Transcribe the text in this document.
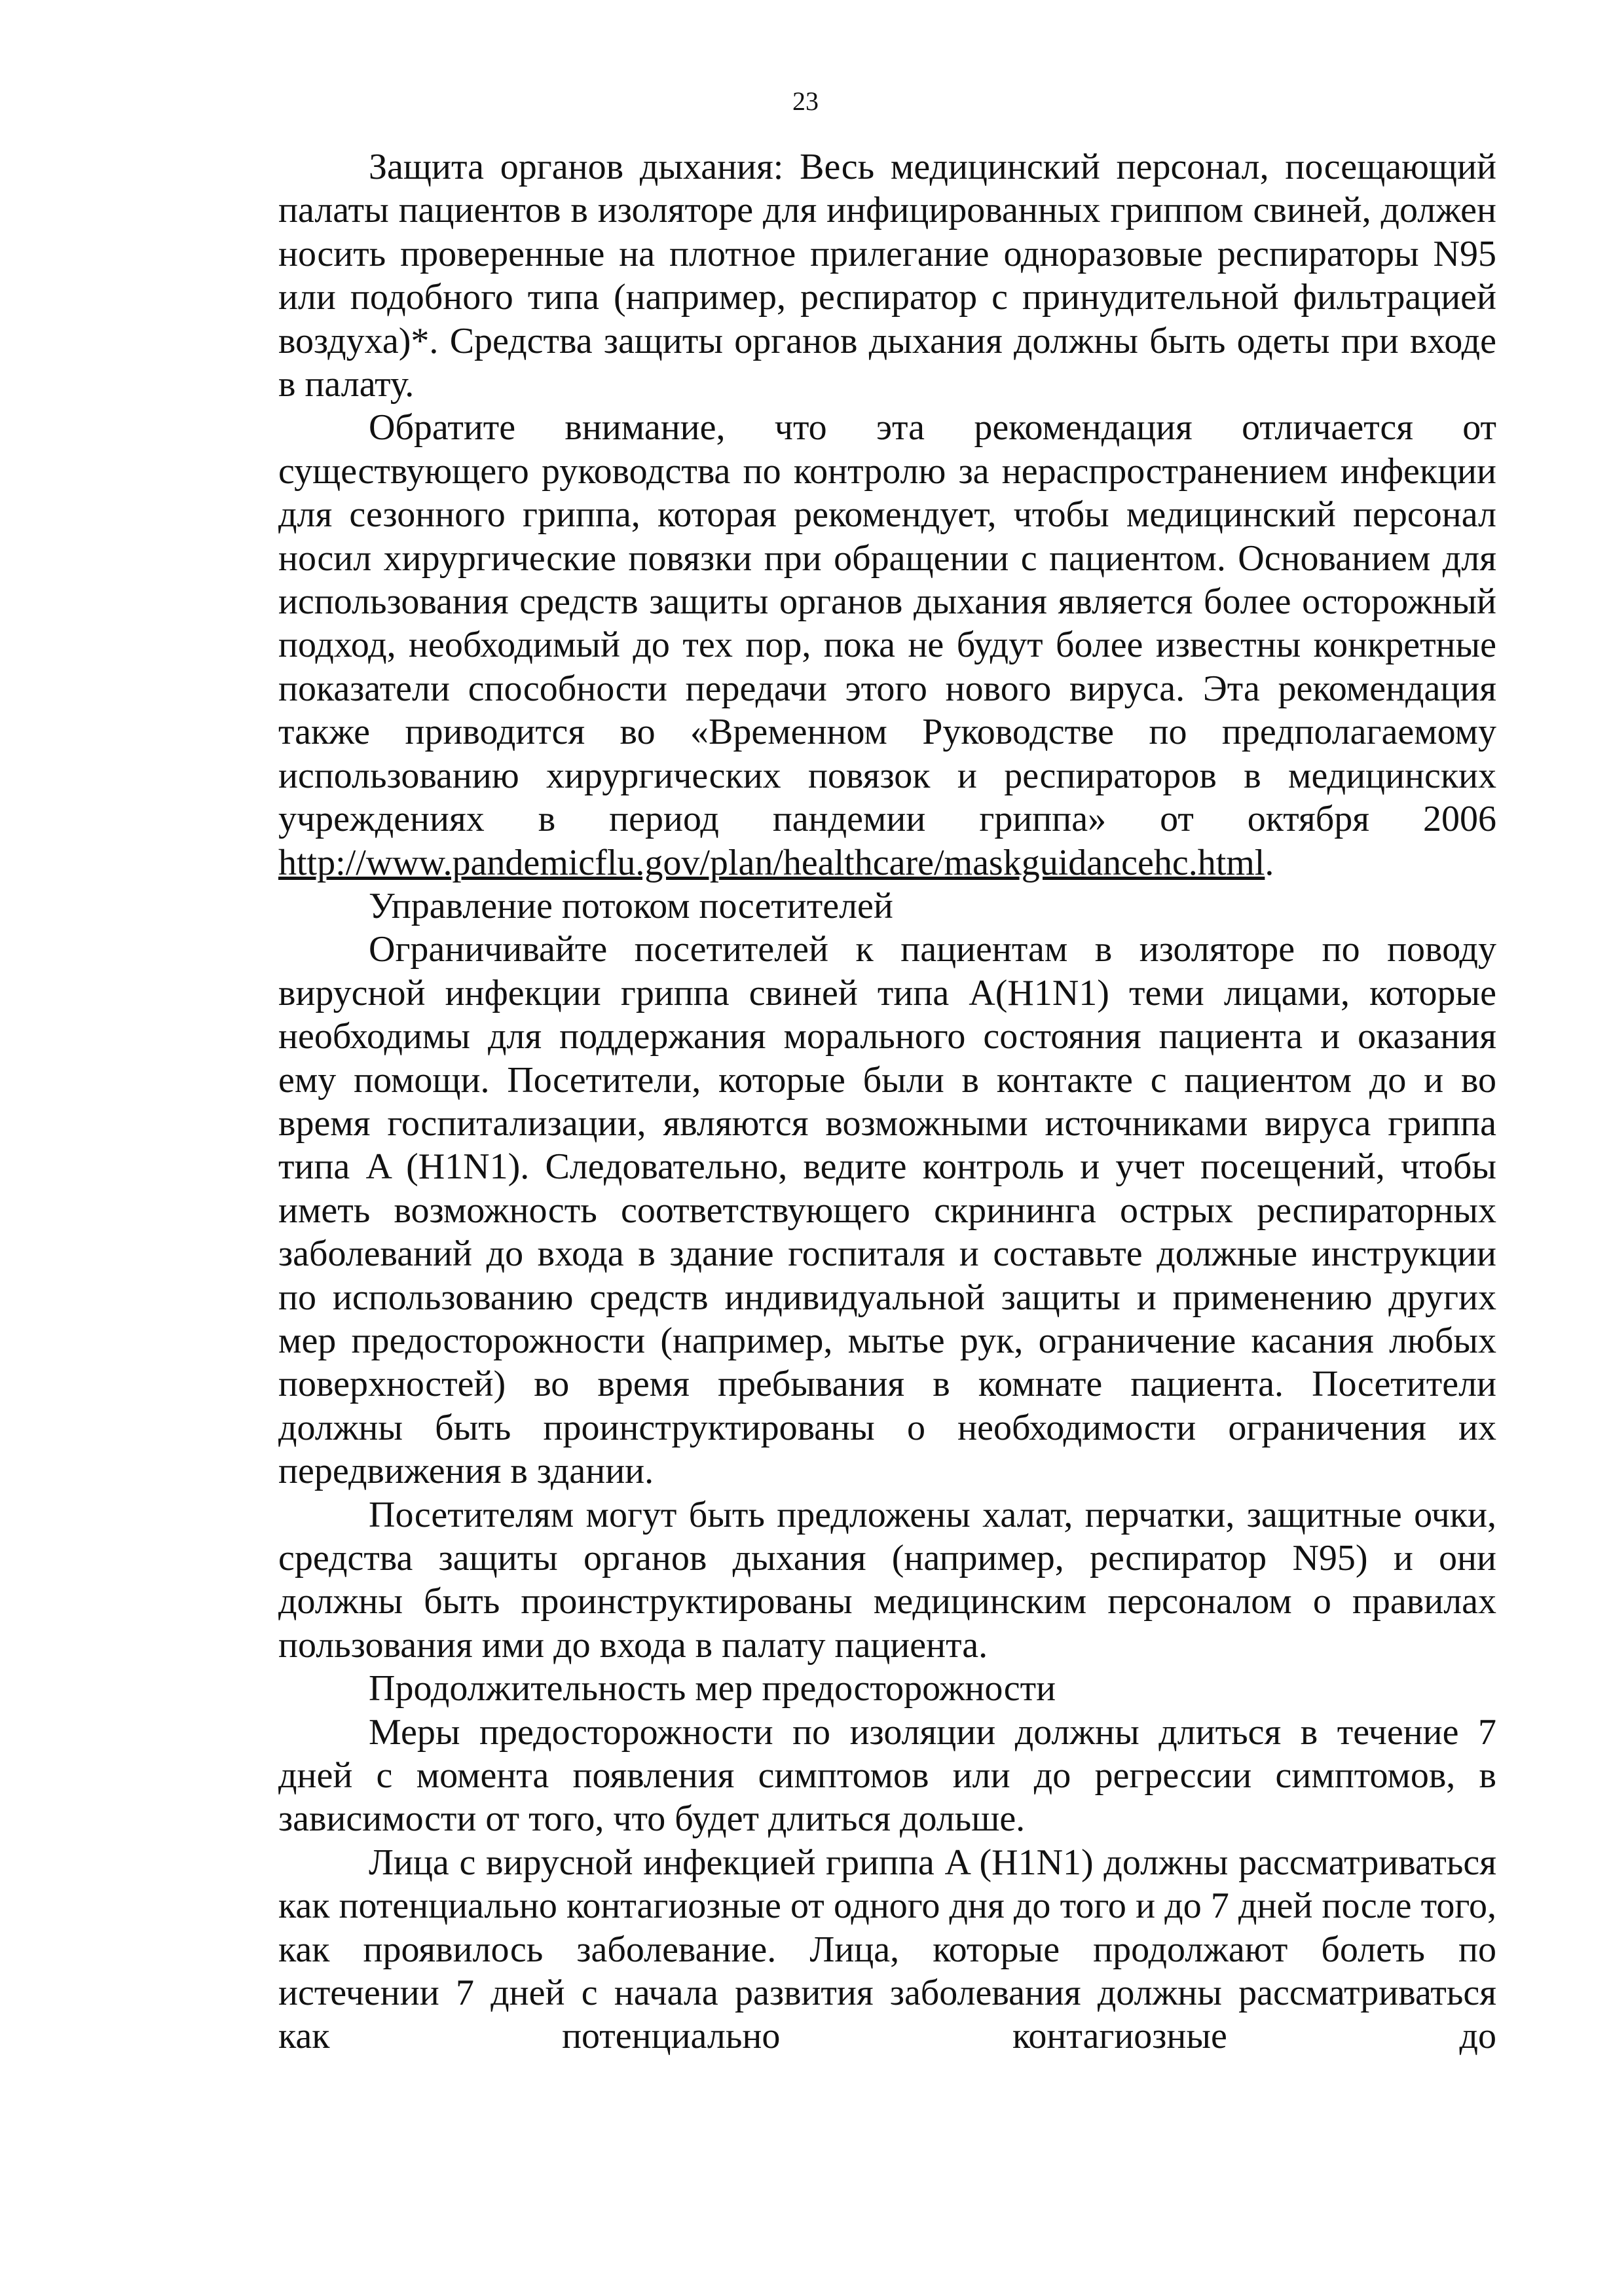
23

Защита органов дыхания: Весь медицинский персонал, посещающий палаты пациентов в изоляторе для инфицированных гриппом свиней, должен носить проверенные на плотное прилегание одноразовые респираторы N95 или подобного типа (например, респиратор с принудительной фильтрацией воздуха)*. Средства защиты органов дыхания должны быть одеты при входе в палату.

Обратите внимание, что эта рекомендация отличается от существующего руководства по контролю за нераспространением инфекции для сезонного гриппа, которая рекомендует, чтобы медицинский персонал носил хирургические повязки при обращении с пациентом. Основанием для использования средств защиты органов дыхания является более осторожный подход, необходимый до тех пор, пока не будут более известны конкретные показатели способности передачи этого нового вируса. Эта рекомендация также приводится во «Временном Руководстве по предполагаемому использованию хирургических повязок и респираторов в медицинских учреждениях в период пандемии гриппа» от октября 2006 http://www.pandemicflu.gov/plan/healthcare/maskguidancehc.html.

Управление потоком посетителей

Ограничивайте посетителей к пациентам в изоляторе по поводу вирусной инфекции гриппа свиней типа A(H1N1) теми лицами, которые необходимы для поддержания морального состояния пациента и оказания ему помощи. Посетители, которые были в контакте с пациентом до и во время госпитализации, являются возможными источниками вируса гриппа типа A (H1N1). Следовательно, ведите контроль и учет посещений, чтобы иметь возможность соответствующего скрининга острых респираторных заболеваний до входа в здание госпиталя и составьте должные инструкции по использованию средств индивидуальной защиты и применению других мер предосторожности (например, мытье рук, ограничение касания любых поверхностей) во время пребывания в комнате пациента. Посетители должны быть проинструктированы о необходимости ограничения их передвижения в здании.

Посетителям могут быть предложены халат, перчатки, защитные очки, средства защиты органов дыхания (например, респиратор N95) и они должны быть проинструктированы медицинским персоналом о правилах пользования ими до входа в палату пациента.

Продолжительность мер предосторожности

Меры предосторожности по изоляции должны длиться в течение 7 дней с момента появления симптомов или до регрессии симптомов, в зависимости от того, что будет длиться дольше.

Лица с вирусной инфекцией гриппа A (H1N1) должны рассматриваться как потенциально контагиозные от одного дня до того и до 7 дней после того, как проявилось заболевание. Лица, которые продолжают болеть по истечении 7 дней с начала развития заболевания должны рассматриваться как потенциально контагиозные до
